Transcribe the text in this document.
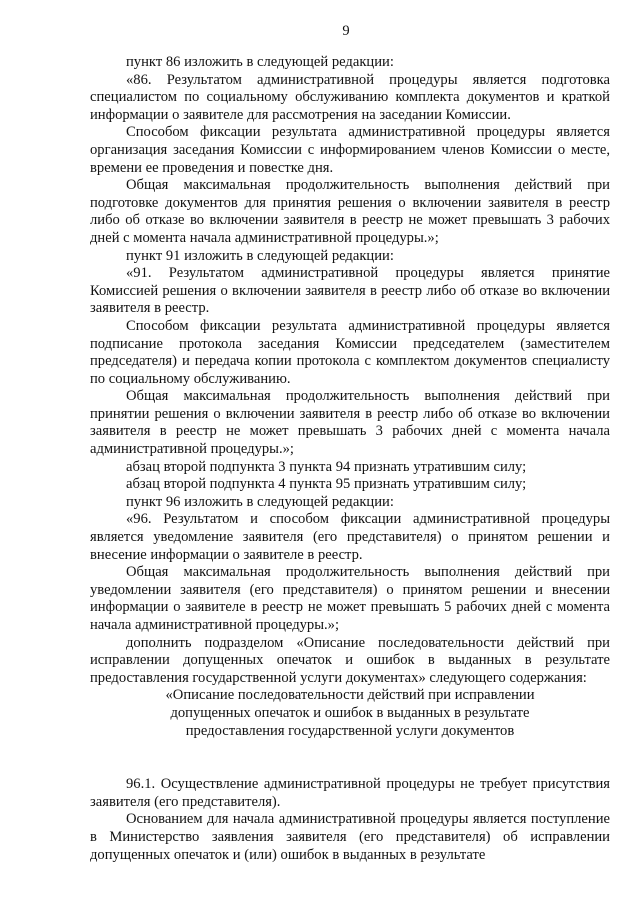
9

пункт 86 изложить в следующей редакции:

«86. Результатом административной процедуры является подготовка специалистом по социальному обслуживанию комплекта документов и краткой информации о заявителе для рассмотрения на заседании Комиссии.

Способом фиксации результата административной процедуры является организация заседания Комиссии с информированием членов Комиссии о месте, времени ее проведения и повестке дня.

Общая максимальная продолжительность выполнения действий при подготовке документов для принятия решения о включении заявителя в реестр либо об отказе во включении заявителя в реестр не может превышать 3 рабочих дней с момента начала административной процедуры.»;

пункт 91 изложить в следующей редакции:

«91. Результатом административной процедуры является принятие Комиссией решения о включении заявителя в реестр либо об отказе во включении заявителя в реестр.

Способом фиксации результата административной процедуры является подписание протокола заседания Комиссии председателем (заместителем председателя) и передача копии протокола с комплектом документов специалисту по социальному обслуживанию.

Общая максимальная продолжительность выполнения действий при принятии решения о включении заявителя в реестр либо об отказе во включении заявителя в реестр не может превышать 3 рабочих дней с момента начала административной процедуры.»;

абзац второй подпункта 3 пункта 94 признать утратившим силу;

абзац второй подпункта 4 пункта 95 признать утратившим силу;

пункт 96 изложить в следующей редакции:

«96. Результатом и способом фиксации административной процедуры является уведомление заявителя (его представителя) о принятом решении и внесение информации о заявителе в реестр.

Общая максимальная продолжительность выполнения действий при уведомлении заявителя (его представителя) о принятом решении и внесении информации о заявителе в реестр не может превышать 5 рабочих дней с момента начала административной процедуры.»;

дополнить подразделом «Описание последовательности действий при исправлении допущенных опечаток и ошибок в выданных в результате предоставления государственной услуги документах» следующего содержания:

«Описание последовательности действий при исправлении

допущенных опечаток и ошибок в выданных в результате

предоставления государственной услуги документов

96.1. Осуществление административной процедуры не требует присутствия заявителя (его представителя).

Основанием для начала административной процедуры является поступление в Министерство заявления заявителя (его представителя) об исправлении допущенных опечаток и (или) ошибок в выданных в результате
